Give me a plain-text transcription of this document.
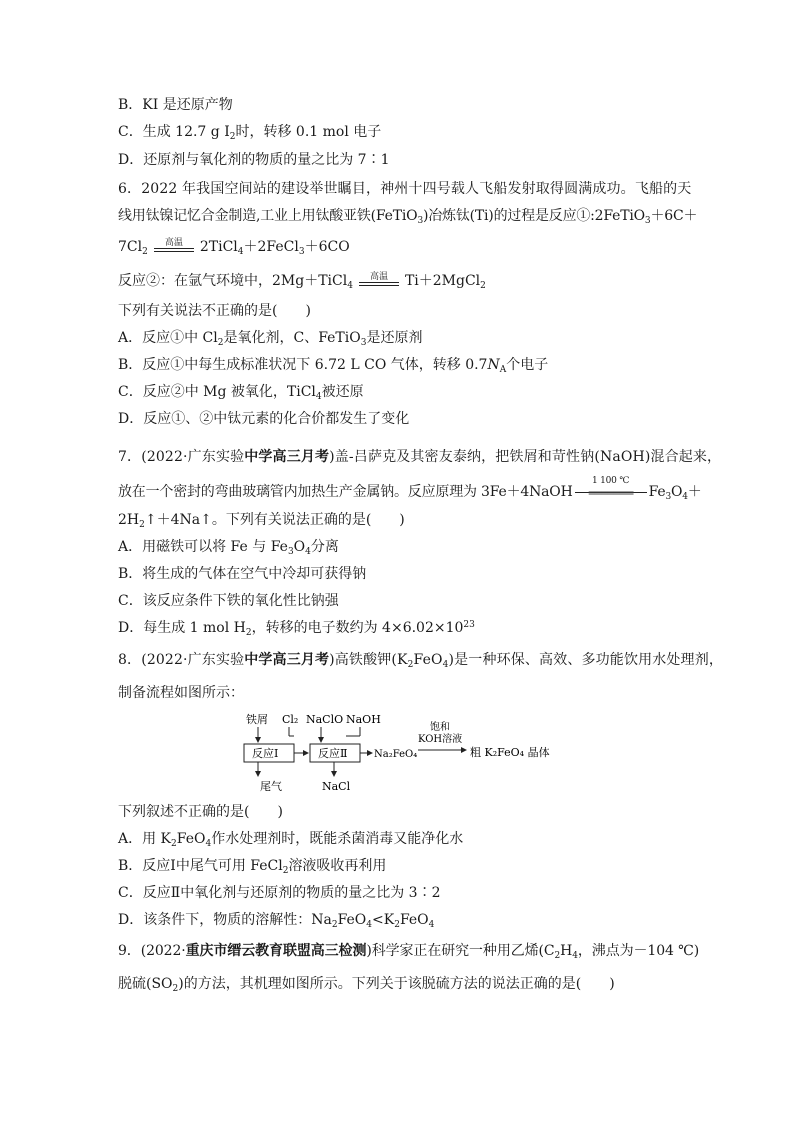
B．KI 是还原产物
C．生成 12.7 g $I_2$时，转移 0.1 mol 电子
D．还原剂与氧化剂的物质的量之比为 7∶1
6．2022 年我国空间站的建设举世瞩目，神州十四号载人飞船发射取得圆满成功。飞船的天
线用钛镍记忆合金制造,工业上用钛酸亚铁(FeTiO$_3$)冶炼钛(Ti)的过程是反应①:2FeTiO$_3$＋6C＋
$7Cl_2$
高温	2TiCl$_4$＋2FeCl$_3$＋6CO
反应②：在氩气环境中，2Mg＋TiCl$_4$
高温	Ti＋2MgCl$_2$
下列有关说法不正确的是(　　)
A．反应①中 $Cl_2$是氧化剂，C、FeTiO$_3$是还原剂
B．反应①中每生成标准状况下 6.72 L CO 气体，转移 $0.7N_A$个电子
C．反应②中 Mg 被氧化，TiCl$_4$被还原
D．反应①、②中钛元素的化合价都发生了变化
7．(2022·广东实验中学高三月考)盖-吕萨克及其密友泰纳，把铁屑和苛性钠(NaOH)混合起来，
放在一个密封的弯曲玻璃管内加热生产金属钠。反应原理为 3Fe＋4NaOH
1 100 ℃
═══════	$Fe_3O_4+$
$2H_2↑+4Na↑$。下列有关说法正确的是(　　)
A．用磁铁可以将 Fe 与 $Fe_3O_4$分离
B．将生成的气体在空气中冷却可获得钠
C．该反应条件下铁的氧化性比钠强
D．每生成 1 mol $H_2$，转移的电子数约为 $4\times 6.02\times 10^{23}$
8．(2022·广东实验中学高三月考)高铁酸钾$(K_2FeO_4)$是一种环保、高效、多功能饮用水处理剂，
制备流程如图所示：
铁屑 Cl₂ NaClO NaOH
反应Ⅰ	反应Ⅱ	Na₂FeO₄
饱和
KOH溶液
粗 K₂FeO₄ 晶体
尾气	NaCl
下列叙述不正确的是(　　)
A．用 $K_2FeO_4$作水处理剂时，既能杀菌消毒又能净化水
B．反应Ⅰ中尾气可用 FeCl$_2$溶液吸收再利用
C．反应Ⅱ中氧化剂与还原剂的物质的量之比为 3∶2
D．该条件下，物质的溶解性：$Na_2FeO_4<K_2FeO_4$
9．(2022·重庆市缙云教育联盟高三检测)科学家正在研究一种用乙烯($C_2H_4$，沸点为－104 ℃)
脱硫$(SO_2)$的方法，其机理如图所示。下列关于该脱硫方法的说法正确的是(　　)
